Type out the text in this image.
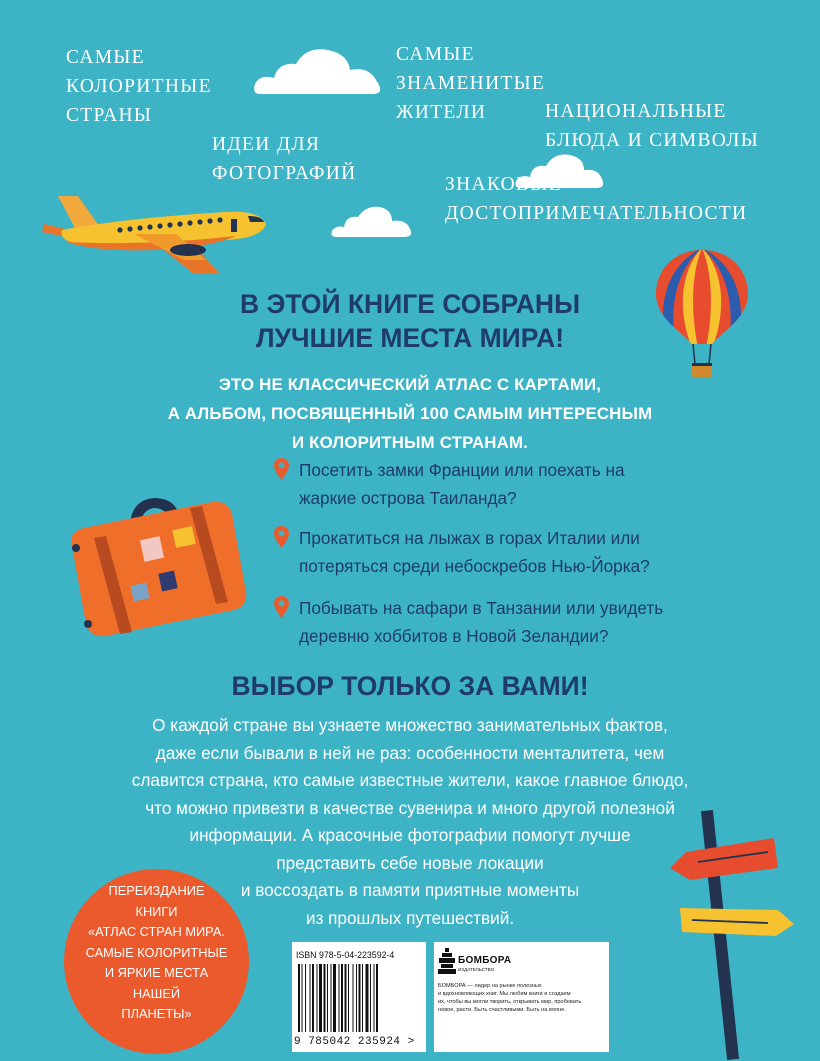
САМЫЕ
КОЛОРИТНЫЕ
СТРАНЫ

САМЫЕ
ЗНАМЕНИТЫЕ
ЖИТЕЛИ	НАЦИОНАЛЬНЫЕ
БЛЮДА И СИМВОЛЫ

ИДЕИ ДЛЯ
ФОТОГРАФИЙ

ЗНАКОВЫЕ
ДОСТОПРИМЕЧАТЕЛЬНОСТИ

В ЭТОЙ КНИГЕ СОБРАНЫ
ЛУЧШИЕ МЕСТА МИРА!

ЭТО НЕ КЛАССИЧЕСКИЙ АТЛАС С КАРТАМИ,
А АЛЬБОМ, ПОСВЯЩЕННЫЙ 100 САМЫМ ИНТЕРЕСНЫМ
И КОЛОРИТНЫМ СТРАНАМ.

Посетить замки Франции или поехать на
жаркие острова Таиланда?

Прокатиться на лыжах в горах Италии или
потеряться среди небоскребов Нью-Йорка?

Побывать на сафари в Танзании или увидеть
деревню хоббитов в Новой Зеландии?

ВЫБОР ТОЛЬКО ЗА ВАМИ!

О каждой стране вы узнаете множество занимательных фактов,
даже если бывали в ней не раз: особенности менталитета, чем
славится страна, кто самые известные жители, какое главное блюдо,
что можно привезти в качестве сувенира и много другой полезной
информации. А красочные фотографии помогут лучше
представить себе новые локации
и воссоздать в памяти приятные моменты
из прошлых путешествий.

ПЕРЕИЗДАНИЕ
КНИГИ
«АТЛАС СТРАН МИРА.
САМЫЕ КОЛОРИТНЫЕ
И ЯРКИЕ МЕСТА
НАШЕЙ
ПЛАНЕТЫ»

ISBN 978-5-04-223592-4
9 785042 235924 >
БОМБОРА
ИЗДАТЕЛЬСТВО

БОМБОРА — лидер на рынке полезных
и вдохновляющих книг. Мы любим книги и создаем
их, чтобы вы могли творить, открывать мир, пробовать
новое, расти. Быть счастливыми. Быть на волне.
